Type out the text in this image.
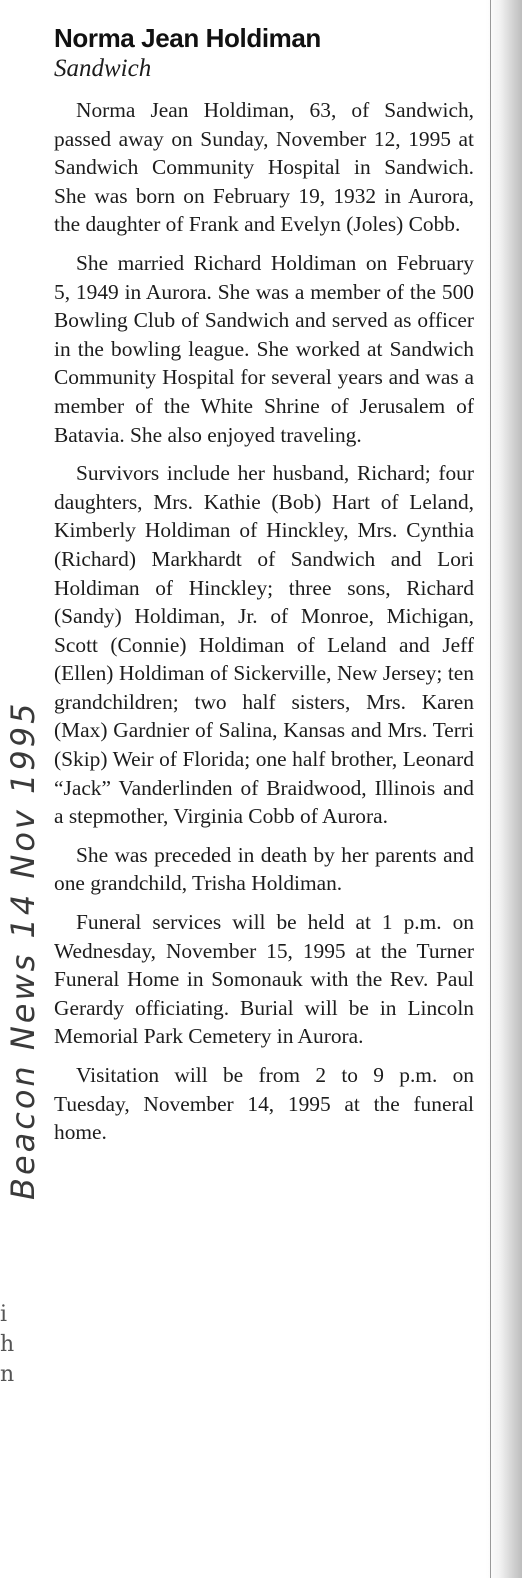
Norma Jean Holdiman
Sandwich

Norma Jean Holdiman, 63, of Sandwich, passed away on Sunday, November 12, 1995 at Sandwich Community Hospital in Sandwich. She was born on February 19, 1932 in Aurora, the daughter of Frank and Evelyn (Joles) Cobb.

She married Richard Holdiman on February 5, 1949 in Aurora. She was a member of the 500 Bowling Club of Sandwich and served as officer in the bowling league. She worked at Sandwich Community Hospital for several years and was a member of the White Shrine of Jerusalem of Batavia. She also enjoyed traveling.

Survivors include her husband, Richard; four daughters, Mrs. Kathie (Bob) Hart of Leland, Kimberly Holdiman of Hinckley, Mrs. Cynthia (Richard) Markhardt of Sandwich and Lori Holdiman of Hinckley; three sons, Richard (Sandy) Holdiman, Jr. of Monroe, Michigan, Scott (Connie) Holdiman of Leland and Jeff (Ellen) Holdiman of Sickerville, New Jersey; ten grandchildren; two half sisters, Mrs. Karen (Max) Gardnier of Salina, Kansas and Mrs. Terri (Skip) Weir of Florida; one half brother, Leonard “Jack” Vanderlinden of Braidwood, Illinois and a stepmother, Virginia Cobb of Aurora.

She was preceded in death by her parents and one grandchild, Trisha Holdiman.

Funeral services will be held at 1 p.m. on Wednesday, November 15, 1995 at the Turner Funeral Home in Somonauk with the Rev. Paul Gerardy officiating. Burial will be in Lincoln Memorial Park Cemetery in Aurora.

Visitation will be from 2 to 9 p.m. on Tuesday, November 14, 1995 at the funeral home.

Beacon News 14 Nov 1995
i
h
n
